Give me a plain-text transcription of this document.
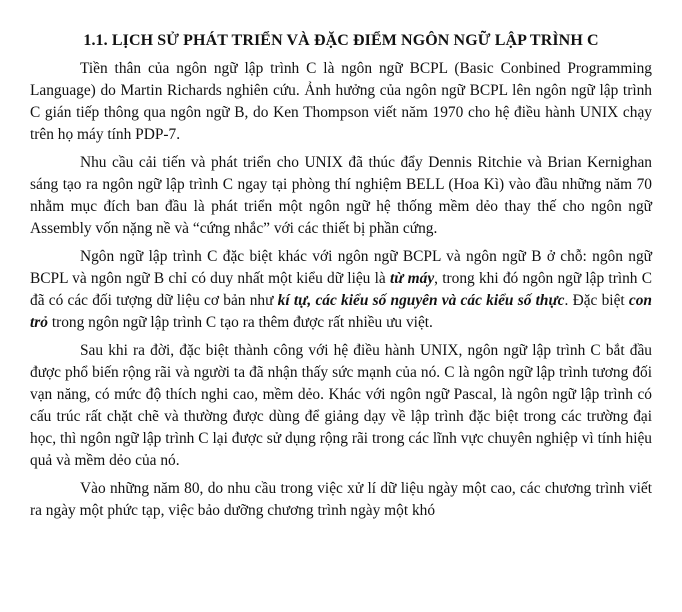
1.1. LỊCH SỬ PHÁT TRIỂN VÀ ĐẶC ĐIỂM NGÔN NGỮ LẬP TRÌNH C

Tiền thân của ngôn ngữ lập trình C là ngôn ngữ BCPL (Basic Conbined Programming Language) do Martin Richards nghiên cứu. Ảnh hưởng của ngôn ngữ BCPL lên ngôn ngữ lập trình C gián tiếp thông qua ngôn ngữ B, do Ken Thompson viết năm 1970 cho hệ điều hành UNIX chạy trên họ máy tính PDP-7.

Nhu cầu cải tiến và phát triển cho UNIX đã thúc đẩy Dennis Ritchie và Brian Kernighan sáng tạo ra ngôn ngữ lập trình C ngay tại phòng thí nghiệm BELL (Hoa Kì) vào đầu những năm 70 nhằm mục đích ban đầu là phát triển một ngôn ngữ hệ thống mềm dẻo thay thế cho ngôn ngữ Assembly vốn nặng nề và “cứng nhắc” với các thiết bị phần cứng.

Ngôn ngữ lập trình C đặc biệt khác với ngôn ngữ BCPL và ngôn ngữ B ở chỗ: ngôn ngữ BCPL và ngôn ngữ B chỉ có duy nhất một kiểu dữ liệu là từ máy, trong khi đó ngôn ngữ lập trình C đã có các đối tượng dữ liệu cơ bản như kí tự, các kiểu số nguyên và các kiểu số thực. Đặc biệt con trỏ trong ngôn ngữ lập trình C tạo ra thêm được rất nhiều ưu việt.

Sau khi ra đời, đặc biệt thành công với hệ điều hành UNIX, ngôn ngữ lập trình C bắt đầu được phổ biến rộng rãi và người ta đã nhận thấy sức mạnh của nó. C là ngôn ngữ lập trình tương đối vạn năng, có mức độ thích nghi cao, mềm dẻo. Khác với ngôn ngữ Pascal, là ngôn ngữ lập trình có cấu trúc rất chặt chẽ và thường được dùng để giảng dạy về lập trình đặc biệt trong các trường đại học, thì ngôn ngữ lập trình C lại được sử dụng rộng rãi trong các lĩnh vực chuyên nghiệp vì tính hiệu quả và mềm dẻo của nó.

Vào những năm 80, do nhu cầu trong việc xử lí dữ liệu ngày một cao, các chương trình viết ra ngày một phức tạp, việc bảo dưỡng chương trình ngày một khó
